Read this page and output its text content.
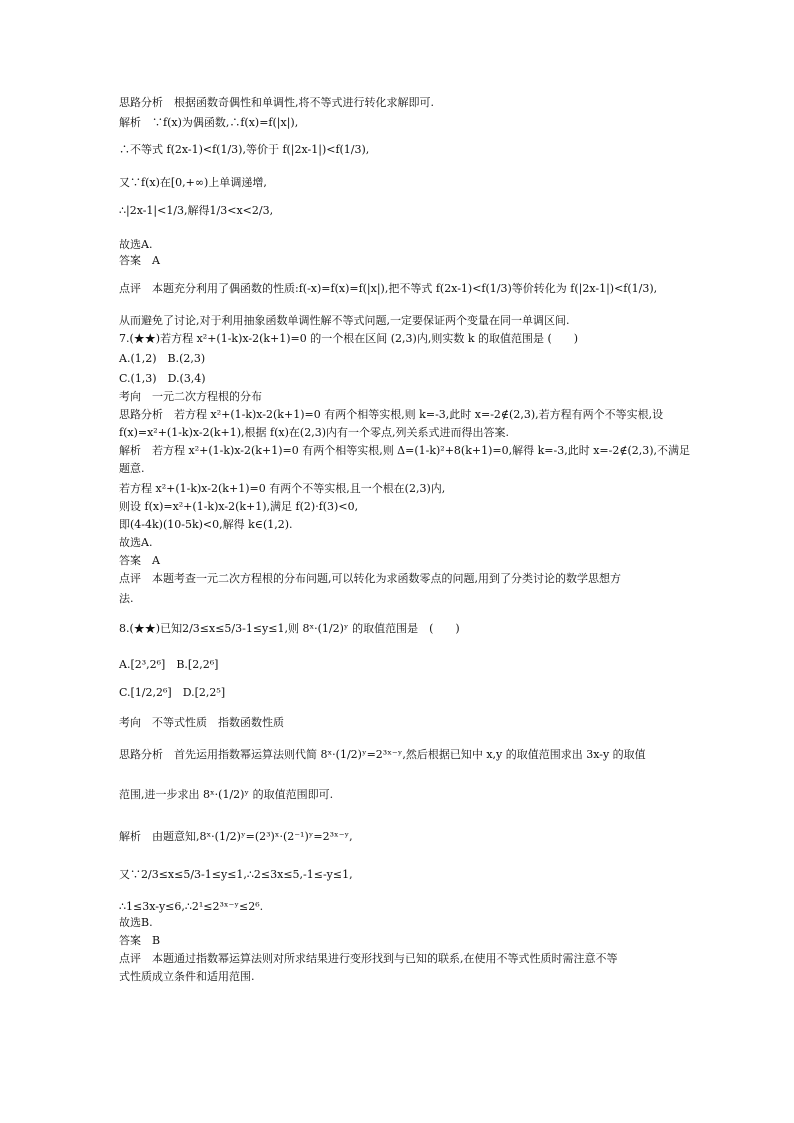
思路分析　根据函数奇偶性和单调性,将不等式进行转化求解即可.
解析　∵f(x)为偶函数,∴f(x)=f(|x|),
∴不等式 f(2x-1)<f(1/3),等价于 f(|2x-1|)<f(1/3),
又∵f(x)在[0,+∞)上单调递增,
∴|2x-1|<1/3,解得1/3<x<2/3,
故选A.
答案　A
点评　本题充分利用了偶函数的性质:f(-x)=f(x)=f(|x|),把不等式 f(2x-1)<f(1/3)等价转化为 f(|2x-1|)<f(1/3),
从而避免了讨论,对于利用抽象函数单调性解不等式问题,一定要保证两个变量在同一单调区间.
7.(★★)若方程 x²+(1-k)x-2(k+1)=0 的一个根在区间 (2,3)内,则实数 k 的取值范围是 (　　)
A.(1,2)　B.(2,3)
C.(1,3)　D.(3,4)
考向　一元二次方程根的分布
思路分析　若方程 x²+(1-k)x-2(k+1)=0 有两个相等实根,则 k=-3,此时 x=-2∉(2,3),若方程有两个不等实根,设
f(x)=x²+(1-k)x-2(k+1),根据 f(x)在(2,3)内有一个零点,列关系式进而得出答案.
解析　若方程 x²+(1-k)x-2(k+1)=0 有两个相等实根,则 Δ=(1-k)²+8(k+1)=0,解得 k=-3,此时 x=-2∉(2,3),不满足
题意.
若方程 x²+(1-k)x-2(k+1)=0 有两个不等实根,且一个根在(2,3)内,
则设 f(x)=x²+(1-k)x-2(k+1),满足 f(2)·f(3)<0,
即(4-4k)(10-5k)<0,解得 k∈(1,2).
故选A.
答案　A
点评　本题考查一元二次方程根的分布问题,可以转化为求函数零点的问题,用到了分类讨论的数学思想方
法.
8.(★★)已知2/3≤x≤5/3-1≤y≤1,则 8ˣ·(1/2)ʸ 的取值范围是　(　　)
A.[2³,2⁶]　B.[2,2⁶]
C.[1/2,2⁶]　D.[2,2⁵]
考向　不等式性质　指数函数性质
思路分析　首先运用指数幂运算法则代简 8ˣ·(1/2)ʸ=2³ˣ⁻ʸ,然后根据已知中 x,y 的取值范围求出 3x-y 的取值
范围,进一步求出 8ˣ·(1/2)ʸ 的取值范围即可.
解析　由题意知,8ˣ·(1/2)ʸ=(2³)ˣ·(2⁻¹)ʸ=2³ˣ⁻ʸ,
又∵2/3≤x≤5/3-1≤y≤1,∴2≤3x≤5,-1≤-y≤1,
∴1≤3x-y≤6,∴2¹≤2³ˣ⁻ʸ≤2⁶.
故选B.
答案　B
点评　本题通过指数幂运算法则对所求结果进行变形找到与已知的联系,在使用不等式性质时需注意不等
式性质成立条件和适用范围.
